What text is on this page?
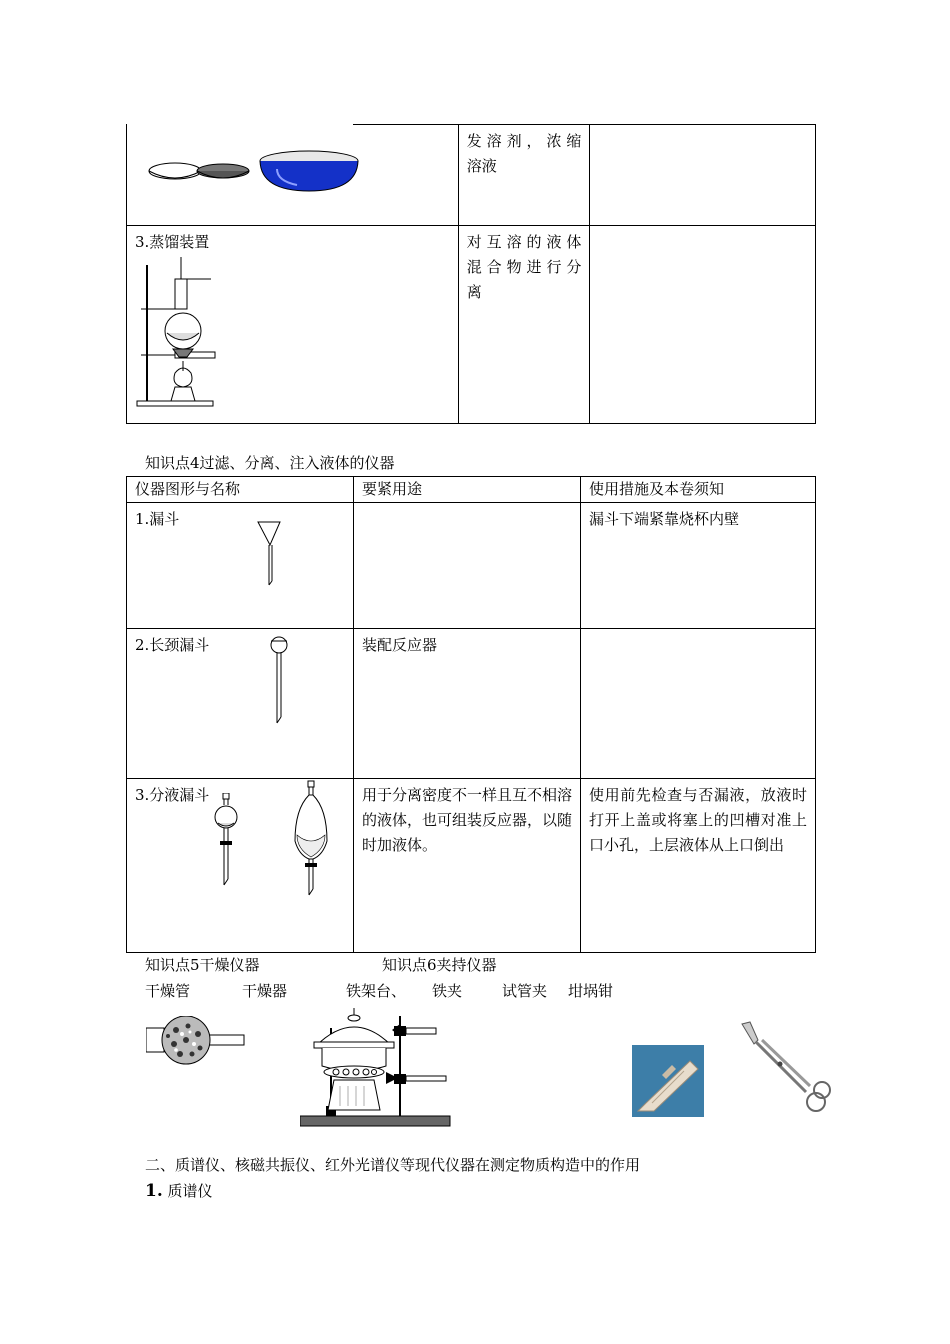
发溶剂，浓缩
溶液	

3.蒸馏装置	对互溶的液体
混合物进行分
离	

知识点4过滤、分离、注入液体的仪器
仪器图形与名称	要紧用途	使用措施及本卷须知

1.漏斗		漏斗下端紧靠烧杯内壁

2.长颈漏斗	装配反应器	

3.分液漏斗	用于分离密度不一样且互不相溶的液体，也可组装反应器，以随时加液体。	使用前先检查与否漏液，放液时打开上盖或将塞上的凹槽对准上口小孔，上层液体从上口倒出
知识点5干燥仪器	知识点6夹持仪器
干燥管	干燥器	铁架台、 铁夹	试管夹 坩埚钳
二、质谱仪、核磁共振仪、红外光谱仪等现代仪器在测定物质构造中的作用
1. 质谱仪
